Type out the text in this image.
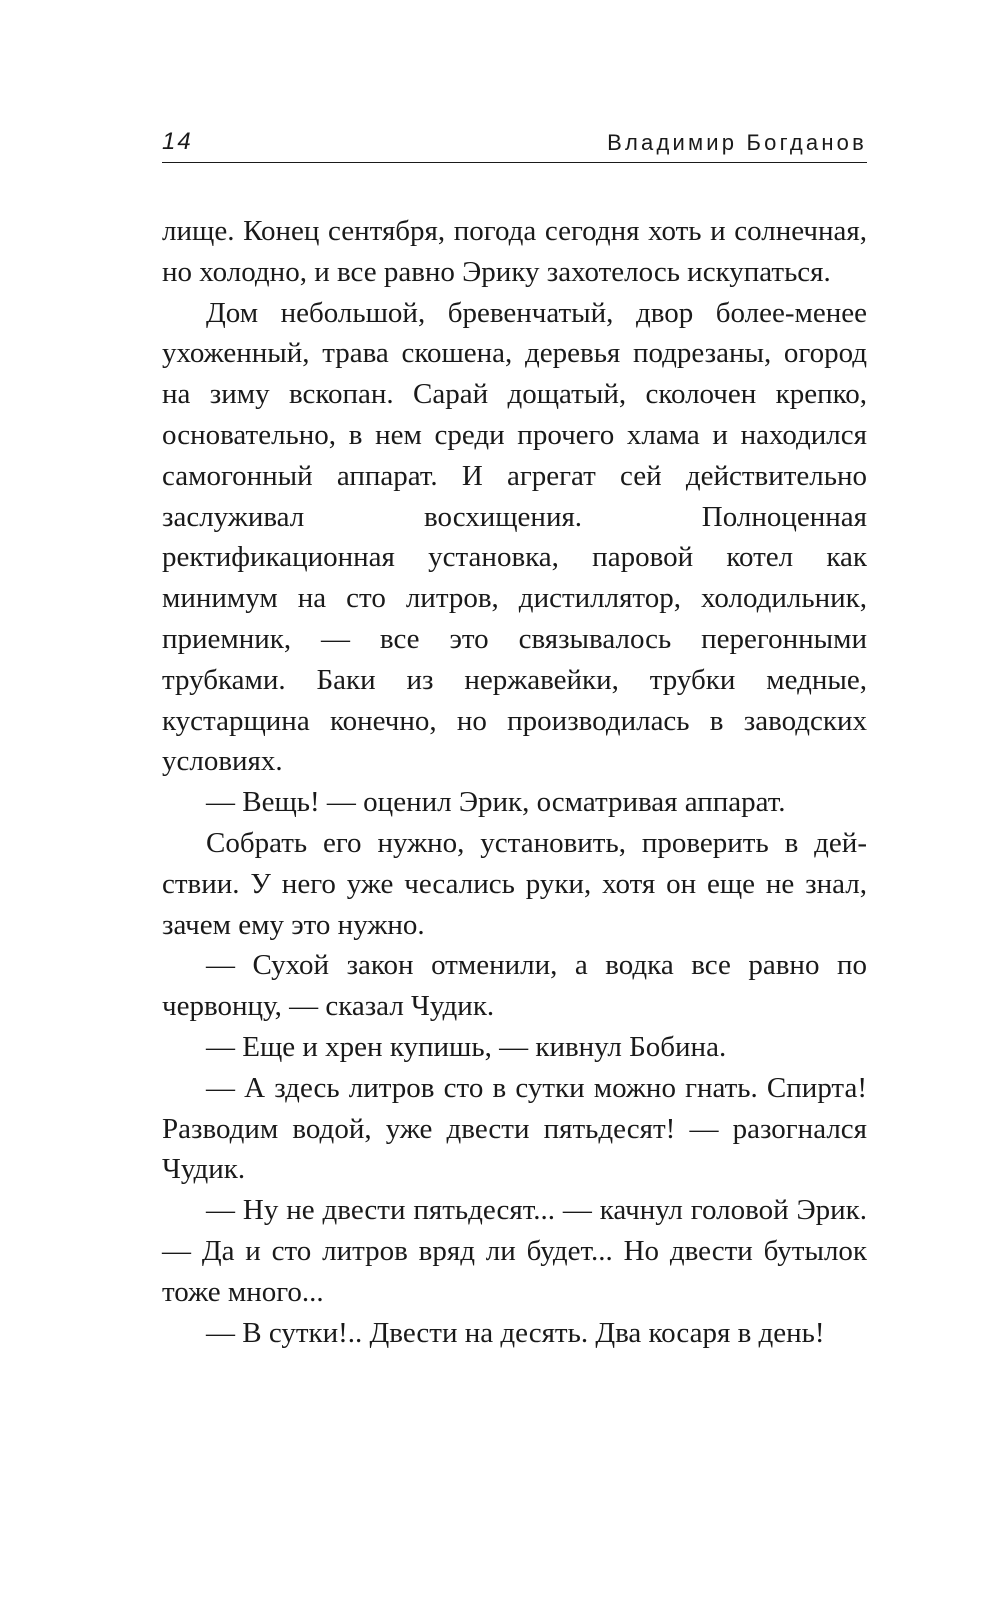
14	Владимир Богданов

лище. Конец сентября, погода сегодня хоть и солнечная, но холодно, и все равно Эрику захотелось искупаться.

Дом небольшой, бревенчатый, двор более-менее ухоженный, трава скошена, деревья подрезаны, огород на зиму вскопан. Сарай дощатый, сколочен крепко, основательно, в нем среди прочего хлама и находился самогонный аппарат. И агрегат сей действительно заслуживал восхищения. Полноценная ректификационная установка, паровой котел как минимум на сто литров, дистиллятор, холодильник, приемник, — все это связывалось перегонными трубками. Баки из нержавейки, трубки медные, кустарщина конечно, но производилась в заводских условиях.

— Вещь! — оценил Эрик, осматривая аппарат.

Собрать его нужно, установить, проверить в действии. У него уже чесались руки, хотя он еще не знал, зачем ему это нужно.

— Сухой закон отменили, а водка все равно по червонцу, — сказал Чудик.

— Еще и хрен купишь, — кивнул Бобина.

— А здесь литров сто в сутки можно гнать. Спирта! Разводим водой, уже двести пятьдесят! — разогнался Чудик.

— Ну не двести пятьдесят... — качнул головой Эрик. — Да и сто литров вряд ли будет... Но двести бутылок тоже много...

— В сутки!.. Двести на десять. Два косаря в день!
